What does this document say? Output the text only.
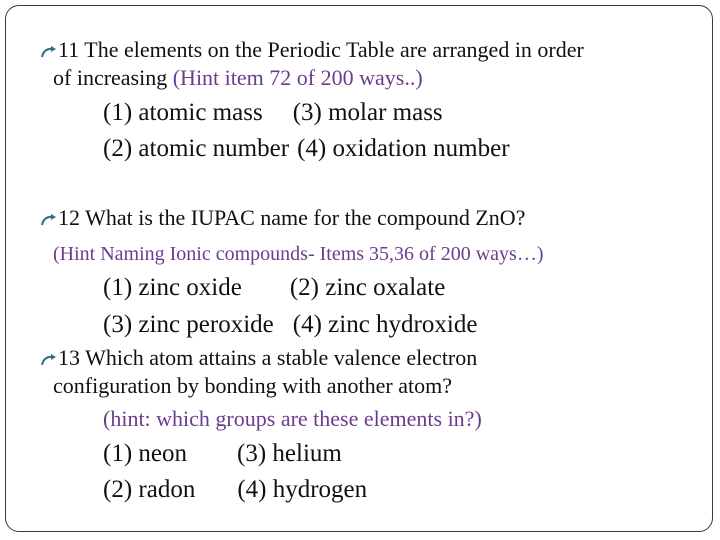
11 The elements on the Periodic Table are arranged in order
of increasing (Hint item 72 of 200 ways..)
(1) atomic mass (3) molar mass
(2) atomic number (4) oxidation number
12 What is the IUPAC name for the compound ZnO?
(Hint Naming Ionic compounds- Items 35,36 of 200 ways…)
(1) zinc oxide (2) zinc oxalate
(3) zinc peroxide (4) zinc hydroxide
13 Which atom attains a stable valence electron
configuration by bonding with another atom?
(hint: which groups are these elements in?)
(1) neon (3) helium
(2) radon (4) hydrogen
